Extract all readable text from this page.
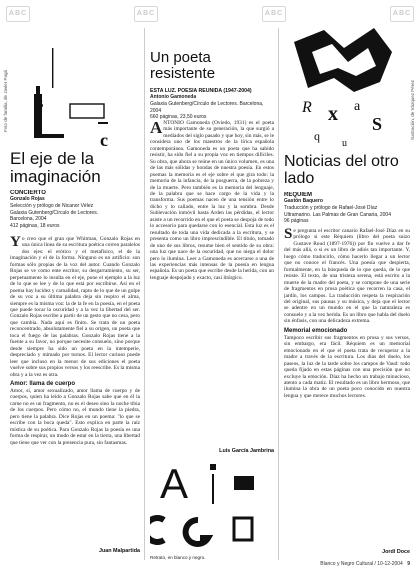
ABC	ABC	ABC	ABC
Foto de familia, de Javier Pagá B
c
El eje de la imaginación
CONCIERTO
Gonzalo Rojas
Selección y prólogo de Nicanor Vélez
Galaxia Gutenberg/Círculo de Lectores.
Barcelona, 2004
412 páginas, 18 euros

Yo creo que el gran que Whitman, Gonzalo Rojas en una única línea de su escritura poética corren paralelos dos ejes: el erótico y el metafísico, el de la imaginación y el de la forma. Ninguno es un artificio: son formas sólo propias de la voz del autor. Cuando Gonzalo Rojas se ve como ente escritor, su desgarramiento, su ser, perpetuamente lo insulta en el eje, pone el ejemplo a la luz de lo que se lee y de lo que está por escribirse. Así en el poema hay lucidez y carnalidad, rapto de lo que de un golpe de su voz a su última palabra deja sin respiro el alma, siempre es la misma voz: la de la fe en la poesía, en el poeta que puede tocar la oscuridad y a la vez la libertad del ser. Gonzalo Rojas escribe a partir de un gesto que no cesa, pero que cambia. Nada aquí es finito. Se trata de un poeta reconcentrado, absolutamente fiel a su origen, un poeta que toca el fuego de las palabras. Gonzalo Rojas tiene a la fuente a su favor, no porque necesite consuelo, sino porque desde siempre ha sido un poeta en la intemperie, despreciado y mimado por turnos. El lector curioso puede leer que incluso en la menor de sus ediciones el poeta vuelve sobre sus propios versos y los reescribe. Es la misma obra y a la vez es otra.

Amor: llama de cuerpo

Amor, sí, amor sexualizado, amor llama de cuerpo y de cuerpos, quien ha leído a Gonzalo Rojas sabe que en él la carne no es un fragmento, no es el deseo sino la noche tibia de los cuerpos. Pero cómo no, el mundo tiene la piedra, pero tiene la palabra. Dice Rojas en un poema: "lo que se escribe con la boca queda". Esto explica en parte la raíz mística de su poética. Para Gonzalo Rojas la poesía es una forma de respirar, un modo de estar en la tierra, una libertad que tiene que ver con la presencia pura, sin fantasmas.

Juan Malpartida
Un poeta resistente
ESTA LUZ. POESÍA REUNIDA (1947-2004)
Antonio Gamoneda
Galaxia Gutenberg/Círculo de Lectores. Barcelona, 2004
660 páginas, 23,50 euros

ANTONIO Gamoneda (Oviedo, 1931) es el poeta más importante de su generación, la que surgió a mediados del siglo pasado y que hoy, sin más, se le considera uno de los maestros de la lírica española contemporánea. Gamoneda es un poeta que ha sabido resistir, ha sido fiel a su propia voz en tiempos difíciles. Su obra, que ahora se reúne en un único volumen, es una de las más sólidas y hondas de nuestra poesía. En estos poemas la memoria es el eje sobre el que gira todo: la memoria de la infancia, de la posguerra, de la pobreza y de la muerte. Pero también es la memoria del lenguaje, de la palabra que se hace cargo de la vida y la transforma. Sus poemas nacen de una tensión entre lo dicho y lo callado, entre la luz y la sombra. Desde Sublevación inmóvil hasta Arden las pérdidas, el lector asiste a un recorrido en el que el poeta se despoja de todo lo accesorio para quedarse con lo esencial. Esta luz es el resultado de toda una vida dedicada a la escritura, y se presenta como un libro imprescindible. El título, tomado de uno de sus libros, resume bien el sentido de su obra: una luz que nace de la oscuridad, que no niega el dolor pero lo ilumina. Leer a Gamoneda es acercarse a una de las experiencias más intensas de la poesía en lengua española. Es un poeta que escribe desde la herida, con un lenguaje despojado y exacto, casi litúrgico.

Luis García Jambrina
A
Retrato, en blanco y negro.
R x a
S
q
u
Ilustración, de Vázquez Pérez
Noticias del otro lado
RÉQUIEM
Gastón Baquero
Traducción y prólogo de Rafael-José Díaz
Ultramarino. Las Palmas de Gran Canaria, 2004
96 páginas

Se pregunta el escritor canario Rafael-José Díaz en su prólogo si este Réquiem (libro del poeta suizo Gustave Roud (1897-1976)) por fin vuelve a dar fe del más allá, o si es un libro de adiós tan importante. Y, luego cómo traducirlo, cómo hacerlo llegar a un lector que no conoce el francés. Una poesía que despierta, formalmente, en la búsqueda de lo que queda, de lo que resiste. El texto, de una tristeza serena, está escrito a la muerte de la madre del poeta, y se compone de una serie de fragmentos en prosa poética que recorren la casa, el jardín, los campos. La traducción respeta la respiración del original, sus pausas y su música, y deja que el lector se adentre en un mundo en el que la naturaleza es consuelo y a la vez herida. Es un libro que habla del duelo sin énfasis, con una delicadeza extrema.

Memorial emocionado

Tampoco escribir sus fragmentos en prosa y sus versos, sin embargo, era fácil. Réquiem es un memorial emocionado en el que el poeta trata de recuperar a la madre a través de la escritura. Los días del duelo, los paseos, la luz de la tarde sobre los campos de Vaud: todo queda fijado en estas páginas con una precisión que no excluye la emoción. Díaz ha hecho un trabajo minucioso, atento a cada matiz. El resultado es un libro hermoso, que ilumina la obra de un poeta poco conocido en nuestra lengua y que merece muchos lectores.

Jordi Doce
Blanco y Negro Cultural / 10-12-2004 9
